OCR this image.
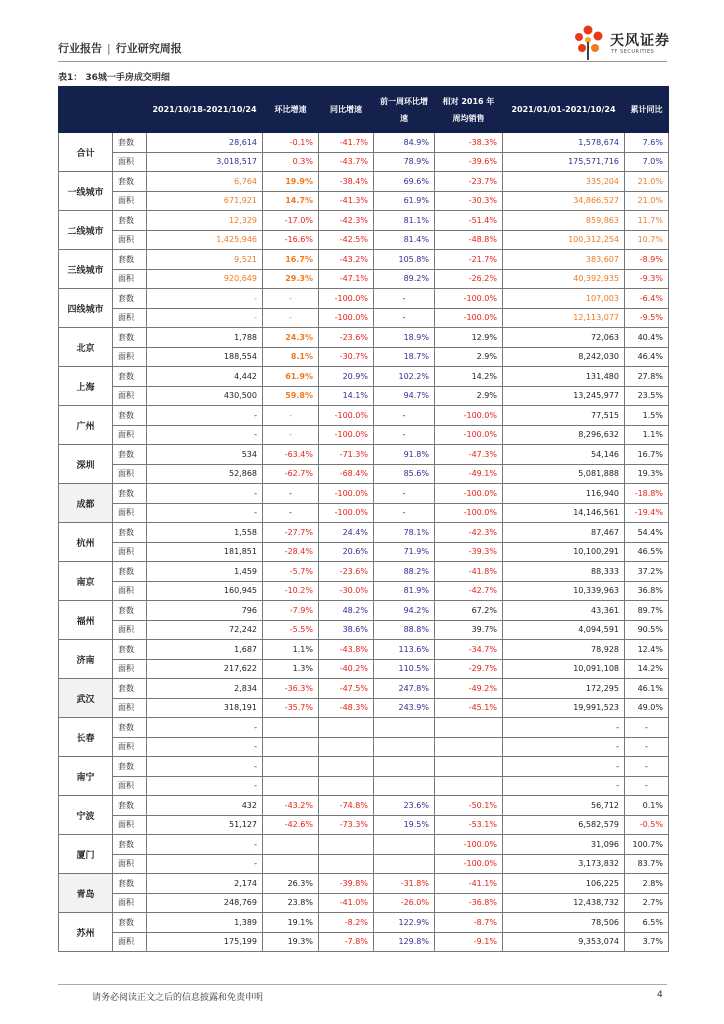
行业报告 | 行业研究周报	天风证券
TF SECURITIES
表1： 36城一手房成交明细
		2021/10/18-2021/10/24	环比增速	同比增速	前一周环比增速	相对 2016 年周均销售	2021/01/01-2021/10/24	累计同比
合计	套数	28,614	-0.1%	-41.7%	84.9%	-38.3%	1,578,674	7.6%
	面积	3,018,517	0.3%	-43.7%	78.9%	-39.6%	175,571,716	7.0%
一线城市	套数	6,764	19.9%	-38.4%	69.6%	-23.7%	335,204	21.0%
	面积	671,921	14.7%	-41.3%	61.9%	-30.3%	34,866,527	21.0%
二线城市	套数	12,329	-17.0%	-42.3%	81.1%	-51.4%	859,863	11.7%
	面积	1,425,946	-16.6%	-42.5%	81.4%	-48.8%	100,312,254	10.7%
三线城市	套数	9,521	16.7%	-43.2%	105.8%	-21.7%	383,607	-8.9%
	面积	920,649	29.3%	-47.1%	89.2%	-26.2%	40,392,935	-9.3%
四线城市	套数	-	-	-100.0%	-	-100.0%	107,003	-6.4%
	面积	-	-	-100.0%	-	-100.0%	12,113,077	-9.5%
北京	套数	1,788	24.3%	-23.6%	18.9%	12.9%	72,063	40.4%
	面积	188,554	8.1%	-30.7%	18.7%	2.9%	8,242,030	46.4%
上海	套数	4,442	61.9%	20.9%	102.2%	14.2%	131,480	27.8%
	面积	430,500	59.8%	14.1%	94.7%	2.9%	13,245,977	23.5%
广州	套数	-	-	-100.0%	-	-100.0%	77,515	1.5%
	面积	-	-	-100.0%	-	-100.0%	8,296,632	1.1%
深圳	套数	534	-63.4%	-71.3%	91.8%	-47.3%	54,146	16.7%
	面积	52,868	-62.7%	-68.4%	85.6%	-49.1%	5,081,888	19.3%
成都	套数	-	-	-100.0%	-	-100.0%	116,940	-18.8%
	面积	-	-	-100.0%	-	-100.0%	14,146,561	-19.4%
杭州	套数	1,558	-27.7%	24.4%	78.1%	-42.3%	87,467	54.4%
	面积	181,851	-28.4%	20.6%	71.9%	-39.3%	10,100,291	46.5%
南京	套数	1,459	-5.7%	-23.6%	88.2%	-41.8%	88,333	37.2%
	面积	160,945	-10.2%	-30.0%	81.9%	-42.7%	10,339,963	36.8%
福州	套数	796	-7.9%	48.2%	94.2%	67.2%	43,361	89.7%
	面积	72,242	-5.5%	38.6%	88.8%	39.7%	4,094,591	90.5%
济南	套数	1,687	1.1%	-43.8%	113.6%	-34.7%	78,928	12.4%
	面积	217,622	1.3%	-40.2%	110.5%	-29.7%	10,091,108	14.2%
武汉	套数	2,834	-36.3%	-47.5%	247.8%	-49.2%	172,295	46.1%
	面积	318,191	-35.7%	-48.3%	243.9%	-45.1%	19,991,523	49.0%
长春	套数	-					-	-
	面积	-					-	-
南宁	套数	-					-	-
	面积	-					-	-
宁波	套数	432	-43.2%	-74.8%	23.6%	-50.1%	56,712	0.1%
	面积	51,127	-42.6%	-73.3%	19.5%	-53.1%	6,582,579	-0.5%
厦门	套数	-				-100.0%	31,096	100.7%
	面积	-				-100.0%	3,173,832	83.7%
青岛	套数	2,174	26.3%	-39.8%	-31.8%	-41.1%	106,225	2.8%
	面积	248,769	23.8%	-41.0%	-26.0%	-36.8%	12,438,732	2.7%
苏州	套数	1,389	19.1%	-8.2%	122.9%	-8.7%	78,506	6.5%
	面积	175,199	19.3%	-7.8%	129.8%	-9.1%	9,353,074	3.7%
请务必阅读正文之后的信息披露和免责申明	4
